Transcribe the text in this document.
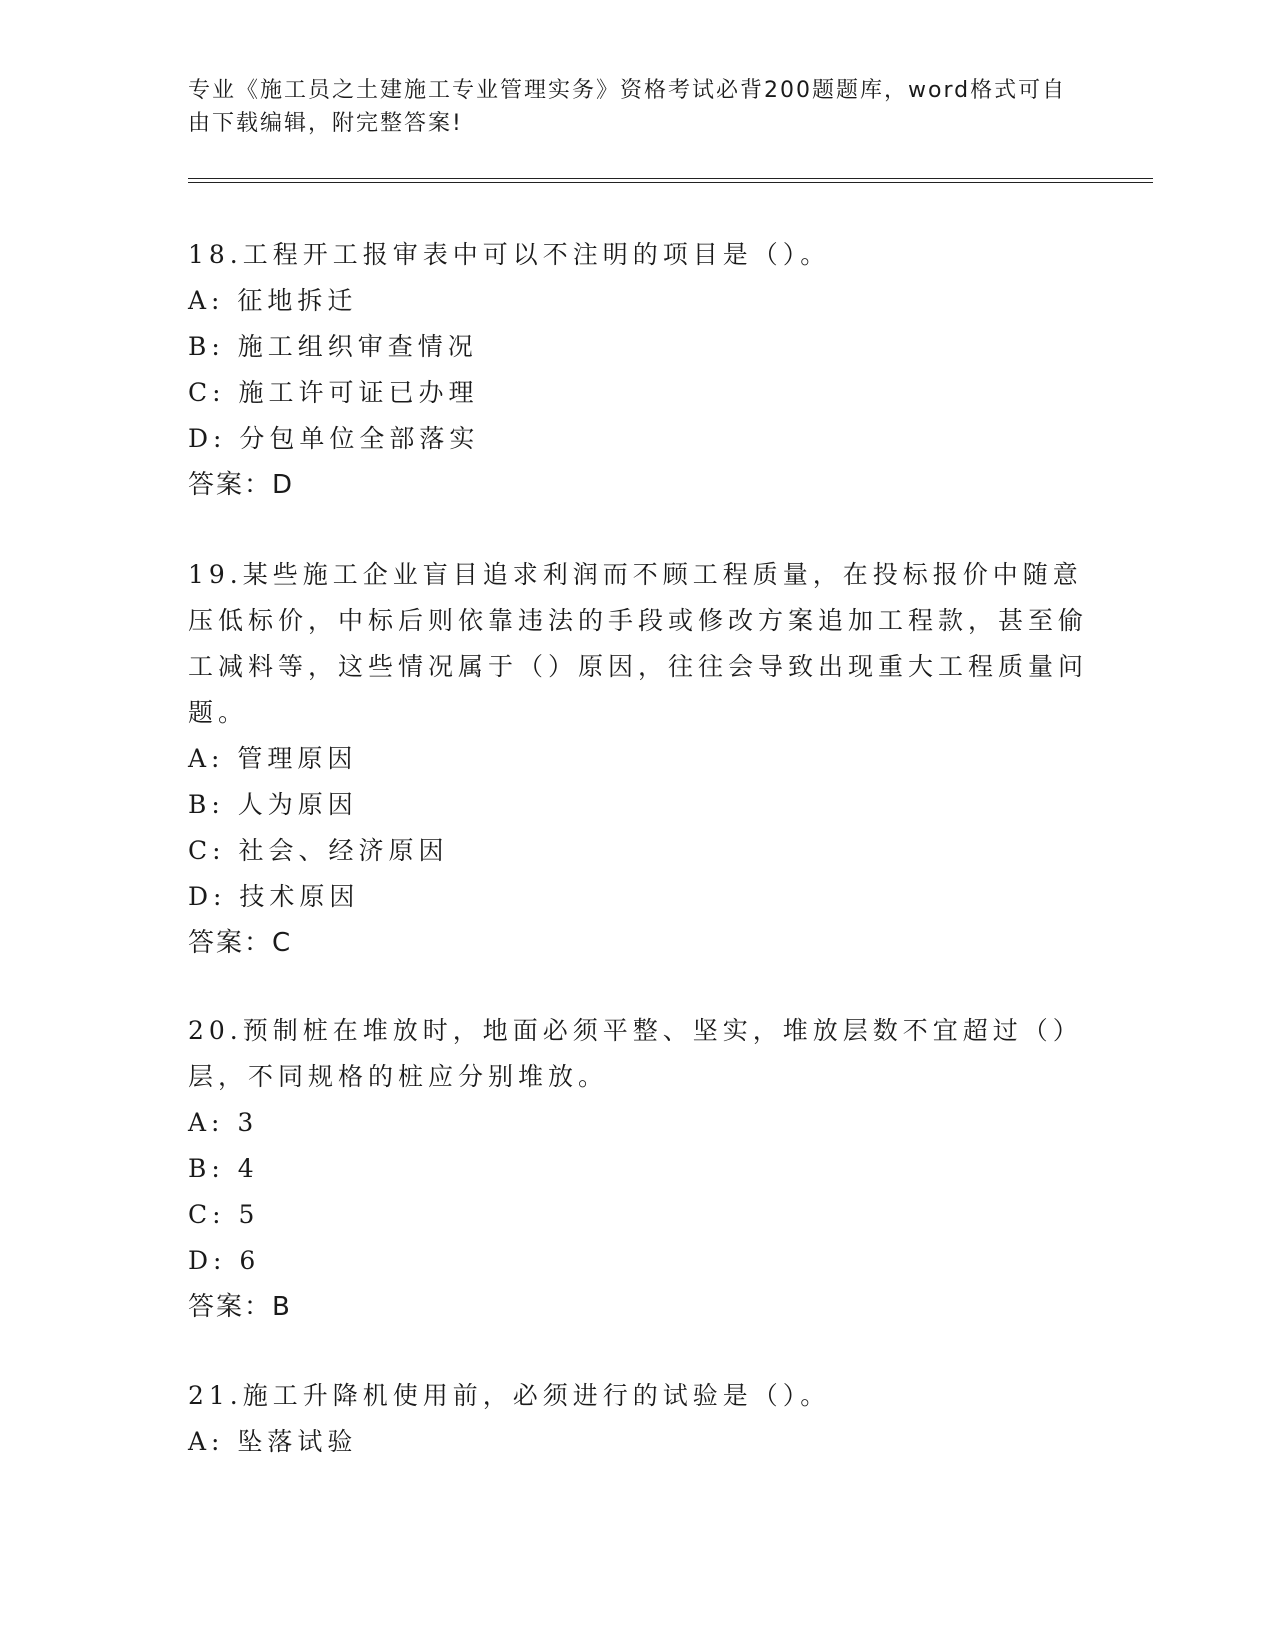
专业《施工员之土建施工专业管理实务》资格考试必背200题题库，word格式可自由下载编辑，附完整答案!

18.工程开工报审表中可以不注明的项目是（）。

A: 征地拆迁

B: 施工组织审查情况

C: 施工许可证已办理

D: 分包单位全部落实

答案：D

19.某些施工企业盲目追求利润而不顾工程质量，在投标报价中随意压低标价，中标后则依靠违法的手段或修改方案追加工程款，甚至偷工减料等，这些情况属于（）原因，往往会导致出现重大工程质量问题。

A: 管理原因

B: 人为原因

C: 社会、经济原因

D: 技术原因

答案：C

20.预制桩在堆放时，地面必须平整、坚实，堆放层数不宜超过（）层，不同规格的桩应分别堆放。

A: 3

B: 4

C: 5

D: 6

答案：B

21.施工升降机使用前，必须进行的试验是（）。

A: 坠落试验
